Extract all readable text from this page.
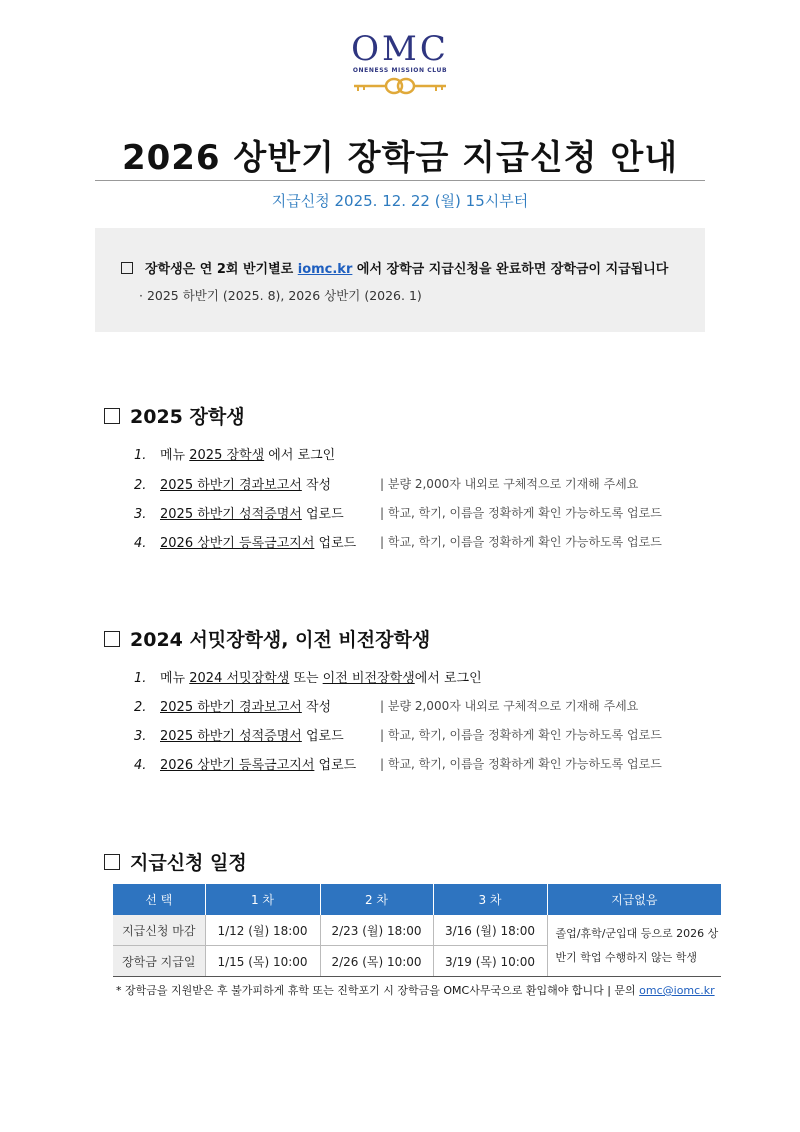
OMC
ONENESS MISSION CLUB
2026 상반기 장학금 지급신청 안내
지급신청 2025. 12. 22 (월) 15시부터
장학생은 연 2회 반기별로 iomc.kr 에서 장학금 지급신청을 완료하면 장학금이 지급됩니다
· 2025 하반기 (2025. 8), 2026 상반기 (2026. 1)
2025 장학생
1. 메뉴 2025 장학생 에서 로그인
2. 2025 하반기 경과보고서 작성	| 분량 2,000자 내외로 구체적으로 기재해 주세요
3. 2025 하반기 성적증명서 업로드	| 학교, 학기, 이름을 정확하게 확인 가능하도록 업로드
4. 2026 상반기 등록금고지서 업로드 | 학교, 학기, 이름을 정확하게 확인 가능하도록 업로드
2024 서밋장학생, 이전 비전장학생
1. 메뉴 2024 서밋장학생 또는 이전 비전장학생에서 로그인
2. 2025 하반기 경과보고서 작성	| 분량 2,000자 내외로 구체적으로 기재해 주세요
3. 2025 하반기 성적증명서 업로드	| 학교, 학기, 이름을 정확하게 확인 가능하도록 업로드
4. 2026 상반기 등록금고지서 업로드 | 학교, 학기, 이름을 정확하게 확인 가능하도록 업로드
지급신청 일정
선 택	1 차	2 차	3 차	지급없음
지급신청 마감	1/12 (월) 18:00	2/23 (월) 18:00	3/16 (월) 18:00	졸업/휴학/군입대 등으로 2026 상반기 학업 수행하지 않는 학생
장학금 지급일	1/15 (목) 10:00	2/26 (목) 10:00	3/19 (목) 10:00	
* 장학금을 지원받은 후 불가피하게 휴학 또는 진학포기 시 장학금을 OMC사무국으로 환입해야 합니다 | 문의 omc@iomc.kr
